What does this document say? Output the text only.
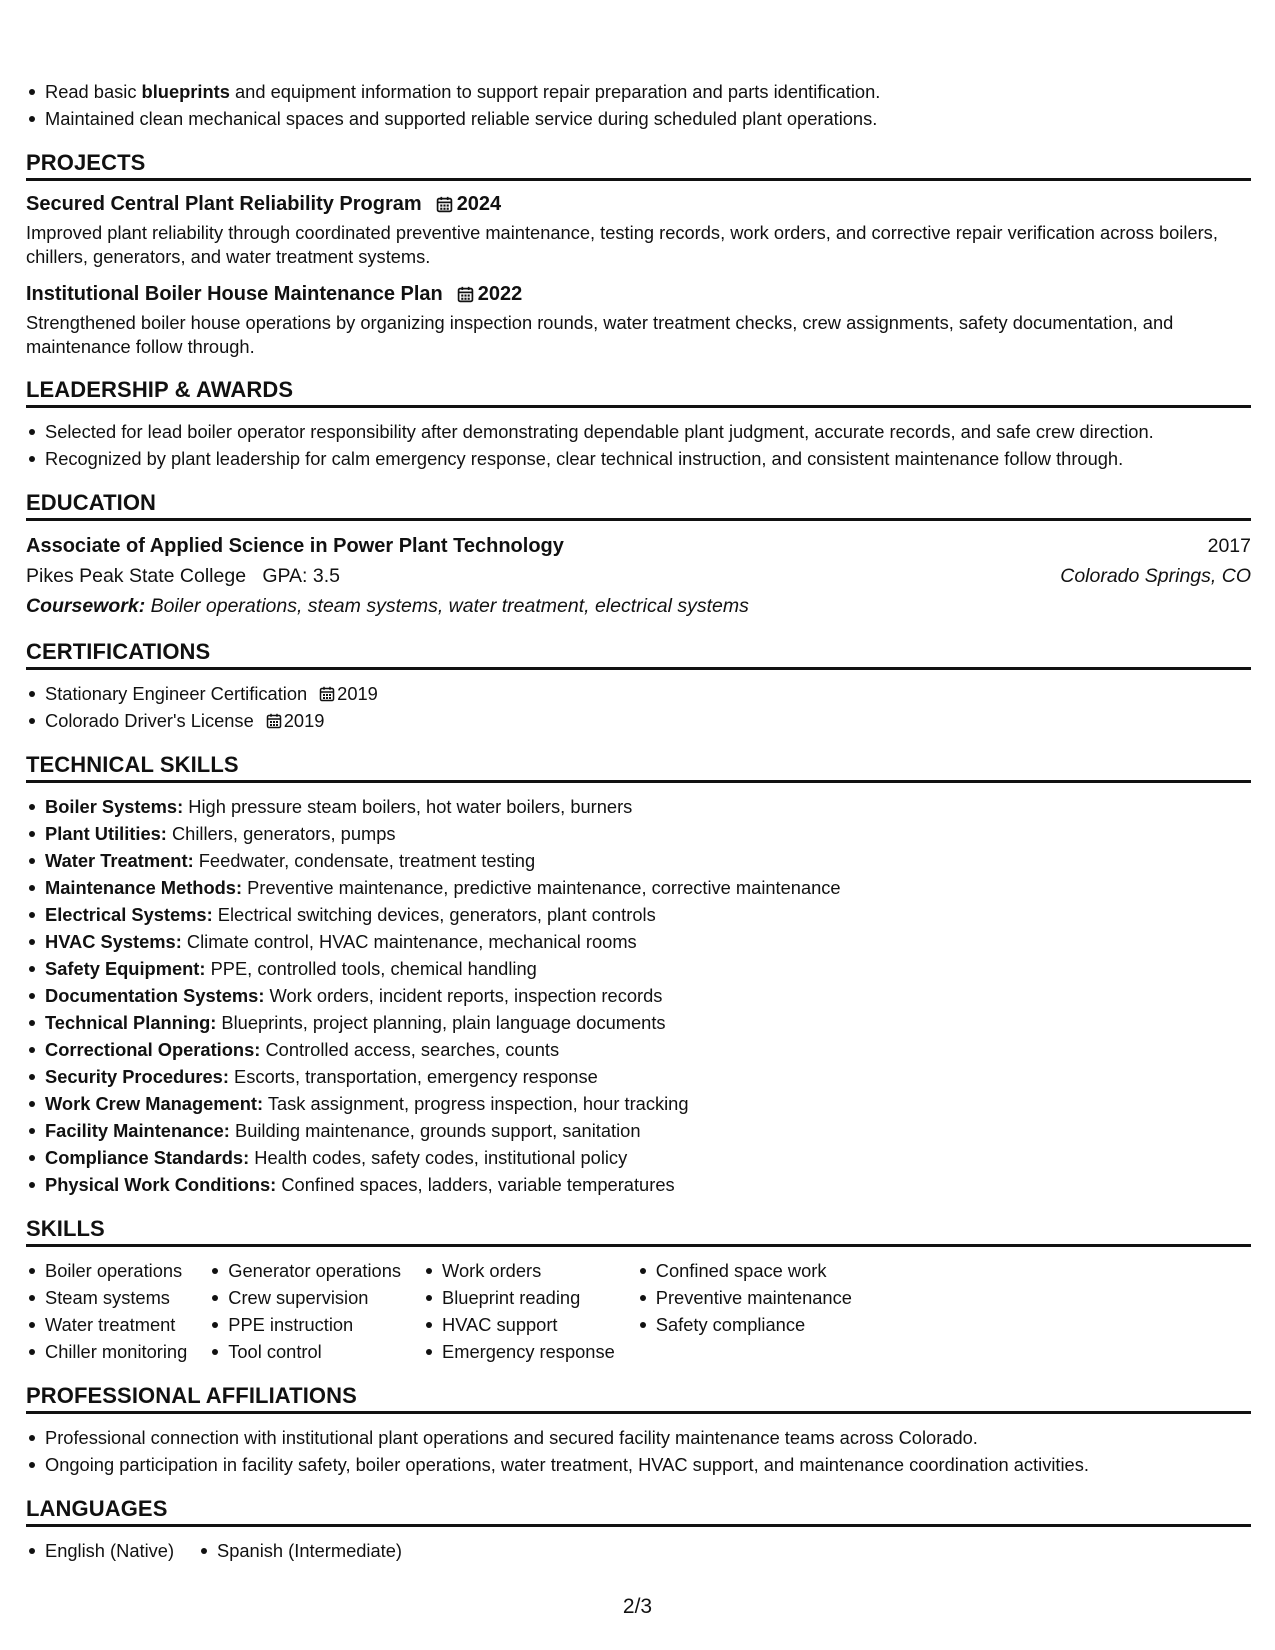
Read basic blueprints and equipment information to support repair preparation and parts identification.
Maintained clean mechanical spaces and supported reliable service during scheduled plant operations.
PROJECTS
Secured Central Plant Reliability Program 2024
Improved plant reliability through coordinated preventive maintenance, testing records, work orders, and corrective repair verification across boilers, chillers, generators, and water treatment systems.
Institutional Boiler House Maintenance Plan 2022
Strengthened boiler house operations by organizing inspection rounds, water treatment checks, crew assignments, safety documentation, and maintenance follow through.
LEADERSHIP & AWARDS
Selected for lead boiler operator responsibility after demonstrating dependable plant judgment, accurate records, and safe crew direction.
Recognized by plant leadership for calm emergency response, clear technical instruction, and consistent maintenance follow through.
EDUCATION
Associate of Applied Science in Power Plant Technology	2017
Pikes Peak State College GPA: 3.5	Colorado Springs, CO
Coursework: Boiler operations, steam systems, water treatment, electrical systems
CERTIFICATIONS
Stationary Engineer Certification 2019
Colorado Driver's License 2019
TECHNICAL SKILLS
Boiler Systems: High pressure steam boilers, hot water boilers, burners
Plant Utilities: Chillers, generators, pumps
Water Treatment: Feedwater, condensate, treatment testing
Maintenance Methods: Preventive maintenance, predictive maintenance, corrective maintenance
Electrical Systems: Electrical switching devices, generators, plant controls
HVAC Systems: Climate control, HVAC maintenance, mechanical rooms
Safety Equipment: PPE, controlled tools, chemical handling
Documentation Systems: Work orders, incident reports, inspection records
Technical Planning: Blueprints, project planning, plain language documents
Correctional Operations: Controlled access, searches, counts
Security Procedures: Escorts, transportation, emergency response
Work Crew Management: Task assignment, progress inspection, hour tracking
Facility Maintenance: Building maintenance, grounds support, sanitation
Compliance Standards: Health codes, safety codes, institutional policy
Physical Work Conditions: Confined spaces, ladders, variable temperatures
SKILLS
Boiler operations
Steam systems
Water treatment
Chiller monitoring
Generator operations
Crew supervision
PPE instruction
Tool control
Work orders
Blueprint reading
HVAC support
Emergency response
Confined space work
Preventive maintenance
Safety compliance
PROFESSIONAL AFFILIATIONS
Professional connection with institutional plant operations and secured facility maintenance teams across Colorado.
Ongoing participation in facility safety, boiler operations, water treatment, HVAC support, and maintenance coordination activities.
LANGUAGES
English (Native)	Spanish (Intermediate)
2/3
